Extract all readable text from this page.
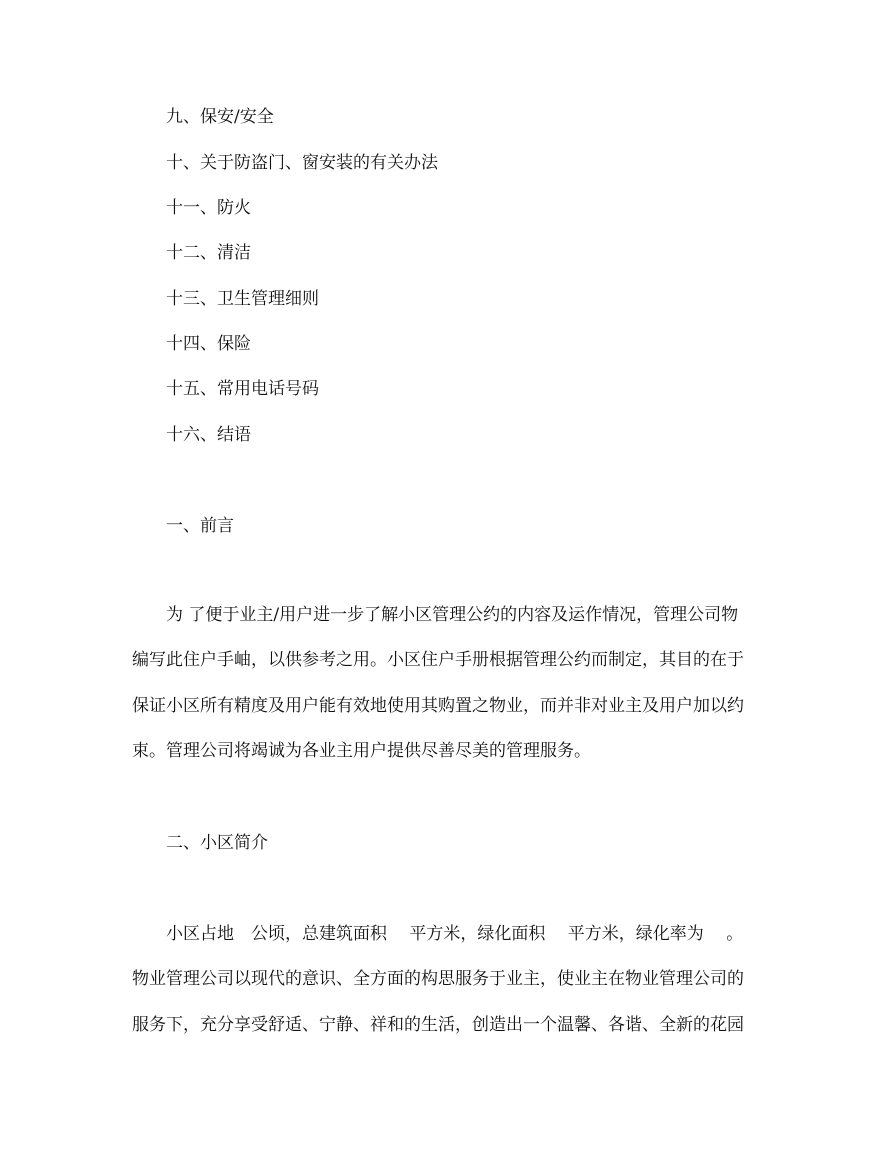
九、保安/安全
十、关于防盗门、窗安装的有关办法
十一、防火
十二、清洁
十三、卫生管理细则
十四、保险
十五、常用电话号码
十六、结语
一、前言
为 了便于业主/用户进一步了解小区管理公约的内容及运作情况，管理公司物
编写此住户手岫，以供参考之用。小区住户手册根据管理公约而制定，其目的在于
保证小区所有精度及用户能有效地使用其购置之物业，而并非对业主及用户加以约
束。管理公司将竭诚为各业主用户提供尽善尽美的管理服务。
二、小区简介
小区占地　公顷，总建筑面积　 平方米，绿化面积　 平方米，绿化率为　 。
物业管理公司以现代的意识、全方面的构思服务于业主，使业主在物业管理公司的
服务下，充分享受舒适、宁静、祥和的生活，创造出一个温馨、各谐、全新的花园
